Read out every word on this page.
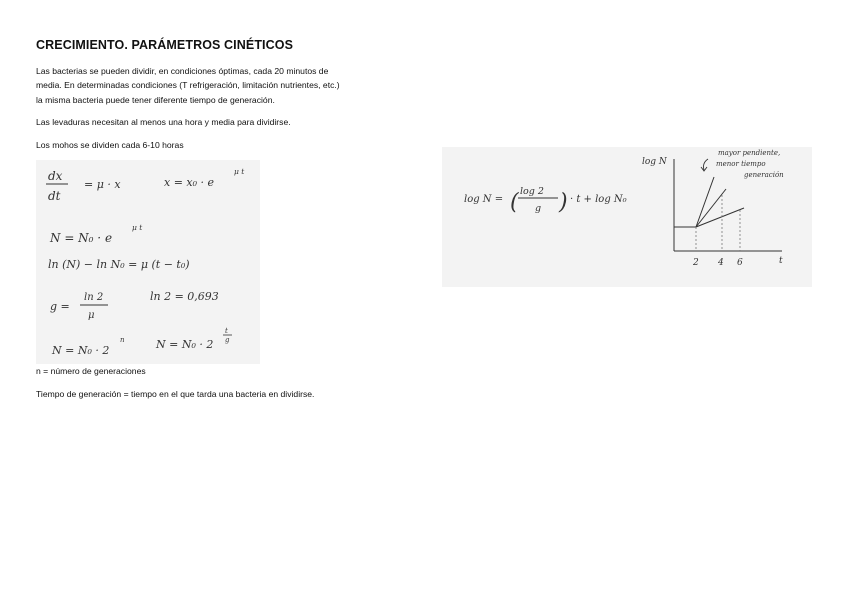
CRECIMIENTO. PARÁMETROS CINÉTICOS
Las bacterias se pueden dividir, en condiciones óptimas, cada 20 minutos de
media. En determinadas condiciones (T refrigeración, limitación nutrientes, etc.)
la misma bacteria puede tener diferente tiempo de generación.
Las levaduras necesitan al menos una hora y media para dividirse.
Los mohos se dividen cada 6-10 horas
dx
dt
= μ · x	x = x₀ · e
μ t
N = N₀ · e
μ t
ln (N) − ln N₀ = μ (t − t₀)
g =
ln 2
μ
ln 2 = 0,693
N = N₀ · 2
n	N = N₀ · 2
t
g
n = número de generaciones
Tiempo de generación = tiempo en el que tarda una bacteria en dividirse.
log N = ( log 2
g ) · t + log N₀
log N
t
2 4 6
mayor pendiente,
menor tiempo
generación
